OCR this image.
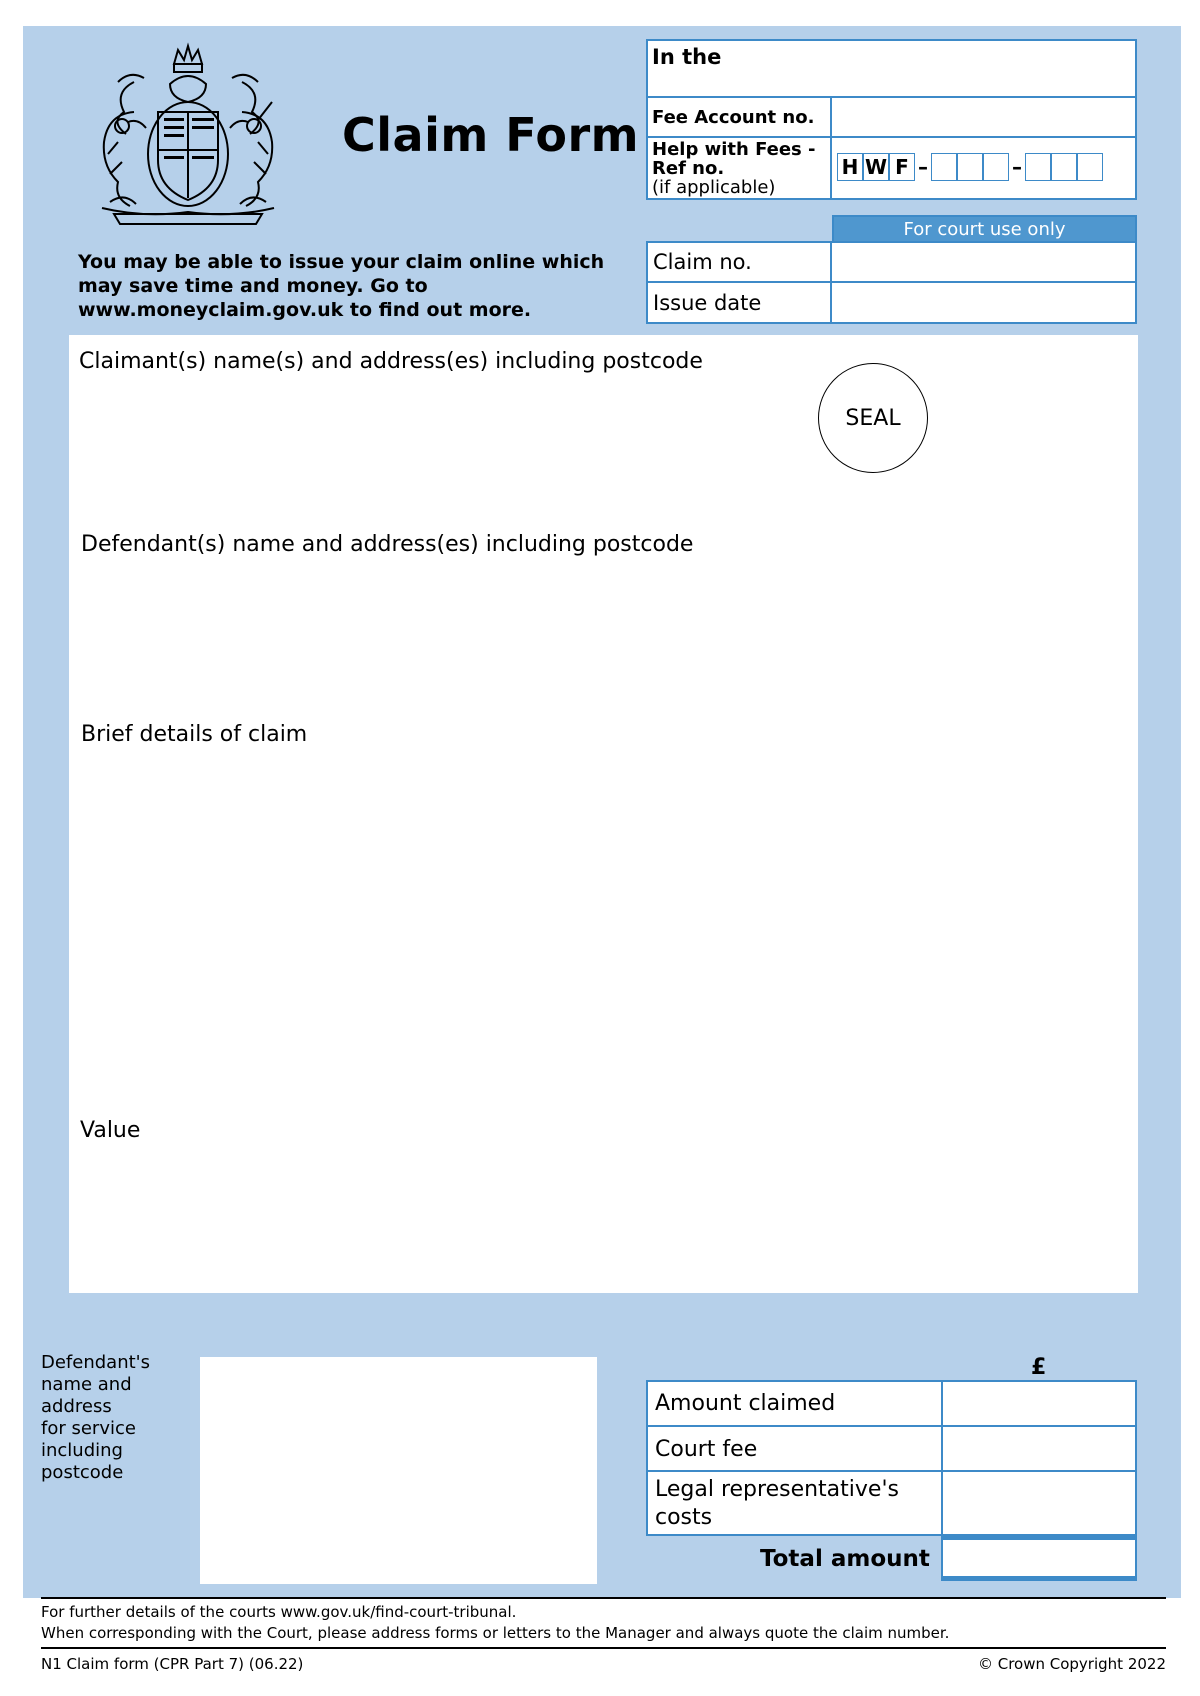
Claim Form
You may be able to issue your claim online which may save time and money. Go to www.moneyclaim.gov.uk to find out more.
In the
Fee Account no.
Help with Fees -
Ref no.
(if applicable)
H W F –	–
For court use only
Claim no.
Issue date
Claimant(s) name(s) and address(es) including postcode
SEAL
Defendant(s) name and address(es) including postcode
Brief details of claim
Value
Defendant's
name and
address
for service
including
postcode
£
Amount claimed
Court fee
Legal representative's
costs
Total amount
For further details of the courts www.gov.uk/find-court-tribunal.
When corresponding with the Court, please address forms or letters to the Manager and always quote the claim number.
N1 Claim form (CPR Part 7) (06.22)	© Crown Copyright 2022
